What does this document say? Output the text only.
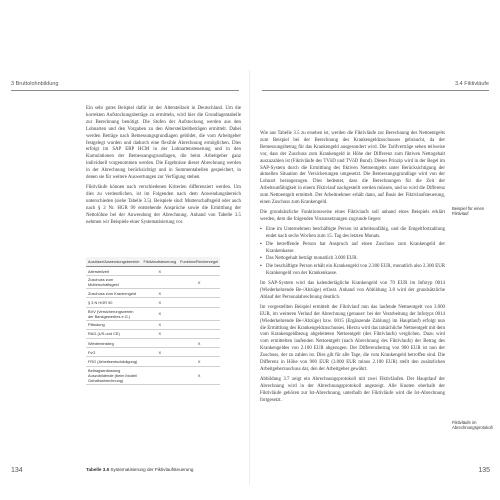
3 Bruttolohnbildung

Ein sehr gutes Beispiel dafür ist der Altersteilzeit in Deutschland. Um die korrekten Aufstockungsbeträge zu ermitteln, wird hier die Grundlagentabelle zur Berechnung benötigt. Die Stufen der Aufstockung werden aus den Lohnarten und den Vorgaben zu den Altersteilzeitbeträgen ermittelt. Dabei werden Beträge nach Bemessungsgrundlagen gebildet, die vom Arbeitgeber festgelegt wurden und dadurch eine flexible Abrechnung ermöglichen. Dies erfolgt im SAP ERP HCM in der Lohnartensteuerung und in den Kumulationen der Bemessungsgrundlagen, die beim Arbeitgeber ganz individuell vorgenommen werden. Die Ergebnisse dieser Abrechnung werden in der Abrechnung berücksichtigt und in Summentabellen gespeichert, in denen sie für weitere Auswertungen zur Verfügung stehen.

Fiktivläufe können nach verschiedenen Kriterien differenziert werden. Um dies zu verdeutlichen, ist im Folgenden nach dem Anwendungsbereich unterschieden (siehe Tabelle 3.5). Beispiele sind: Mutterschaftsgeld oder auch nach § 2 Nr. HGR 90 entstehende Ansprüche sowie die Ermittlung der Nettolöhne bei der Anwendung der Abrechnung. Anhand von Tabelle 3.5 nehmen wir Beispiele einer Systematisierung vor.

Auslöser/Anwendungsbereich	Fiktivlaufsteuerung	Funktion/Rechenregel
Altersteilzeit	X	
Zuschuss zum Mutterschaftsgeld		X
Zuschuss zum Krankengeld	X	
§ 3 N HGR 90	X	
BVV (Versicherungsverein der Bankgewerbes e.G.)	X	
Pfändung	X	
RAG (US-und CE)	X	
Wiedereinstieg		X
FvG	X	
FRG (Arbeitsentschädigung)		X
Beitragsentlastung Auszubildende (beim Modell Gehaltsabrechnung)		X
Tabelle 3.5 Systematisierung der Fiktivlaufsteuerung
134
3.4 Fiktivläufe

Wie aus Tabelle 3.5 zu ersehen ist, werden die Fiktivläufe zur Berechnung des Nettoentgelts zum Beispiel bei der Berechnung des Krankengeldzuschusses gebraucht, da der Bemessungsbetrag für das Krankengeld ausgesondert wird. Die Tarifverträge sehen teilweise vor, dass der Zuschuss zum Krankengeld in Höhe der Differenz zum fiktiven Nettogehalt auszuzahlen ist (Fiktivläufe des TVöD und TVöD Bund). Dieses Prinzip wird in der Regel im SAP-System durch die Ermittlung des fiktiven Nettoentgelts unter Berücksichtigung der aktuellen Situation der Versicherungen umgesetzt. Die Bemessungsgrundlage wird von der Lohnart herangezogen. Dies bedeutet, dass die Berechnungen für die Zeit der Arbeitsunfähigkeit in einem Fiktivlauf nachgestellt werden müssen, und so wird die Differenz zum Nettoentgelt ermittelt. Der Arbeitnehmer erhält dann, auf Basis der Fiktivlaufsteuerung, einen Zuschuss zum Krankengeld.

Die grundsätzliche Funktionsweise eines Fiktivlaufs soll anhand eines Beispiels erklärt werden, dem die folgenden Voraussetzungen zugrunde liegen:

▪ Eine im Unternehmen beschäftigte Person ist arbeitsunfähig, und die Entgeltfortzahlung endet nach sechs Wochen zum 15. Tag des letzten Monats.
▪ Die betreffende Person hat Anspruch auf einen Zuschuss zum Krankengeld der Krankenkasse.
▪ Das Nettogehalt beträgt monatlich 3.000 EUR.
▪ Die beschäftigte Person erhält ein Krankengeld von 2.300 EUR, monatlich also 2.300 EUR Krankengeld von der Krankenkasse.

Im SAP-System wird das kalendertägliche Krankengeld von 70 EUR im Infotyp 0014 (Wiederkehrende Be-/Abzüge) erfasst. Anhand von Abbildung 3.8 wird der grundsätzliche Ablauf der Personalabrechnung deutlich.

Im vorgestellten Beispiel ermittelt der Fiktivlauf nun das laufende Nettoentgelt von 3.000 EUR, im weiteren Verlauf der Abrechnung (genauer: bei der Verarbeitung der Infotyps 0014 (Wiederkehrende Be-/Abzüge) bzw. 0015 (Ergänzende Zahlung) im Hauptlauf) erfolgt nun die Ermittlung des Krankengeldzuschusses. Hierzu wird das tatsächliche Nettoentgelt mit dem vom Krankengeldbezug abgeleiteten Nettoentgelt (des Fiktivlaufs) verglichen. Dazu wird vom ermittelten laufenden Nettoentgelt (nach Abrechnung des Fiktivlaufs) der Betrag des Krankengeldes von 2.100 EUR abgezogen. Der Differenzbetrag von 900 EUR ist nun der Zuschuss, der zu zahlen ist. Dies gilt für alle Tage, die vom Krankengeld betroffen sind. Die Differenz in Höhe von 900 EUR (3.000 EUR minus 2.100 EUR) stellt den zusätzlichen Arbeitgeberzuschuss dar, den der Arbeitgeber gewährt.

Abbildung 3.7 zeigt ein Abrechnungsprotokoll mit zwei Fiktivläufen. Der Hauptlauf der Abrechnung wird in der Abrechnungsprotokoll angezeigt. Alle Knoten oberhalb der Fiktivläufe gehören zur Ist-Abrechnung, unterhalb der Fiktivläufe wird die Ist-Abrechnung fortgesetzt.

Beispiel für einen Fiktivlauf
Fiktivläufe im Abrechnungsprotokoll
135
